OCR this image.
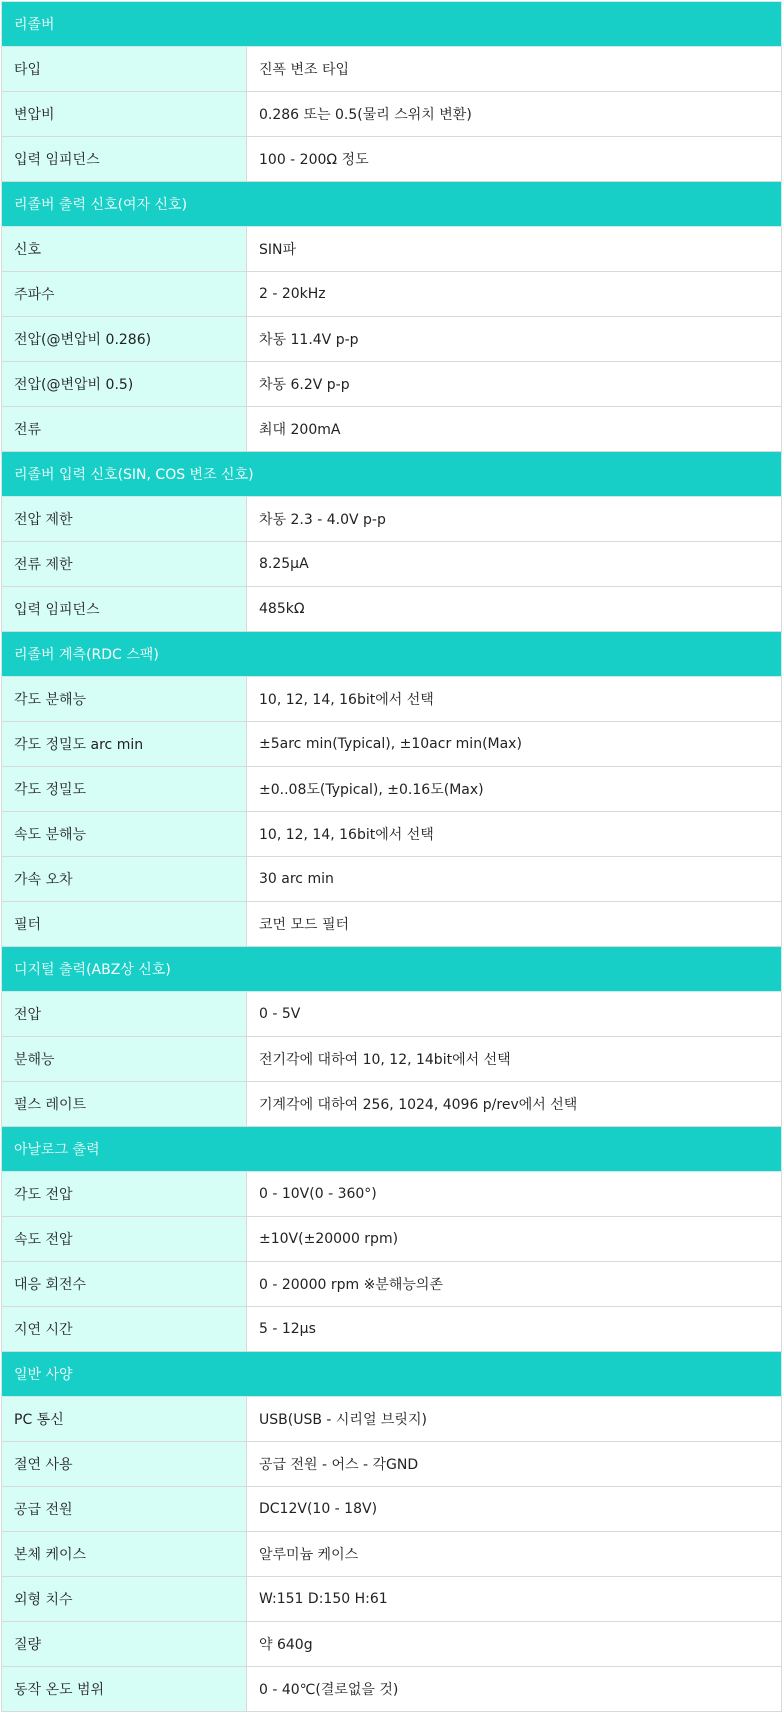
리졸버	
타입	진폭 변조 타입
변압비	0.286 또는 0.5(물리 스위치 변환)
입력 임피던스	100 - 200Ω 정도
리졸버 출력 신호(여자 신호)	
신호	SIN파
주파수	2 - 20kHz
전압(@변압비 0.286)	차동 11.4V p-p
전압(@변압비 0.5)	차동 6.2V p-p
전류	최대 200mA
리졸버 입력 신호(SIN, COS 변조 신호)	
전압 제한	차동 2.3 - 4.0V p-p
전류 제한	8.25μA
입력 임피던스	485kΩ
리졸버 계측(RDC 스팩)	
각도 분해능	10, 12, 14, 16bit에서 선택
각도 정밀도 arc min	±5arc min(Typical), ±10acr min(Max)
각도 정밀도	±0..08도(Typical), ±0.16도(Max)
속도 분해능	10, 12, 14, 16bit에서 선택
가속 오차	30 arc min
필터	코먼 모드 필터
디지털 출력(ABZ상 신호)	
전압	0 - 5V
분해능	전기각에 대하여 10, 12, 14bit에서 선택
펄스 레이트	기계각에 대하여 256, 1024, 4096 p/rev에서 선택
아날로그 출력	
각도 전압	0 - 10V(0 - 360°)
속도 전압	±10V(±20000 rpm)
대응 회전수	0 - 20000 rpm ※분해능의존
지연 시간	5 - 12μs
일반 사양	
PC 통신	USB(USB - 시리얼 브릿지)
절연 사용	공급 전원 - 어스 - 각GND
공급 전원	DC12V(10 - 18V)
본체 케이스	알루미늄 케이스
외형 치수	W:151 D:150 H:61
질량	약 640g
동작 온도 범위	0 - 40℃(결로없을 것)
